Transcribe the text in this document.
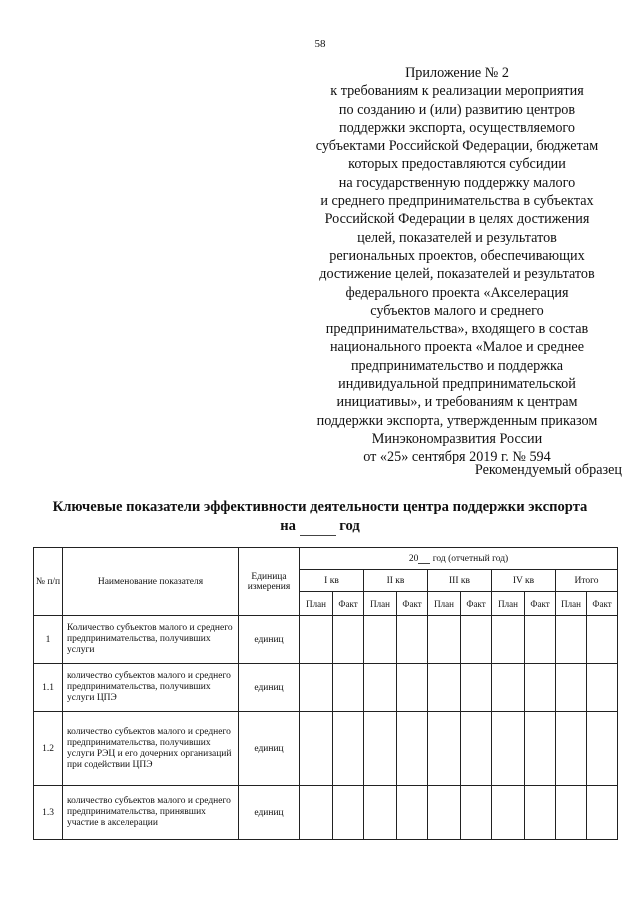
58
Приложение № 2
к требованиям к реализации мероприятия
по созданию и (или) развитию центров
поддержки экспорта, осуществляемого
субъектами Российской Федерации, бюджетам
которых предоставляются субсидии
на государственную поддержку малого
и среднего предпринимательства в субъектах
Российской Федерации в целях достижения
целей, показателей и результатов
региональных проектов, обеспечивающих
достижение целей, показателей и результатов
федерального проекта «Акселерация
субъектов малого и среднего
предпринимательства», входящего в состав
национального проекта «Малое и среднее
предпринимательство и поддержка
индивидуальной предпринимательской
инициативы», и требованиям к центрам
поддержки экспорта, утвержденным приказом
Минэкономразвития России
от «25» сентября 2019 г. № 594
Рекомендуемый образец
Ключевые показатели эффективности деятельности центра поддержки экспорта
на	год
№ п/п	Наименование показателя	Единица измерения	20 год (отчетный год)									
			I кв		II кв		III кв		IV кв		Итого	
			План	Факт	План	Факт	План	Факт	План	Факт	План	Факт
1	Количество субъектов малого и среднего предпринимательства, получивших услуги	единиц										
1.1	количество субъектов малого и среднего предпринимательства, получивших услуги ЦПЭ	единиц										
1.2	количество субъектов малого и среднего предпринимательства, получивших услуги РЭЦ и его дочерних организаций при содействии ЦПЭ	единиц										
1.3	количество субъектов малого и среднего предпринимательства, принявших участие в акселерации	единиц										
